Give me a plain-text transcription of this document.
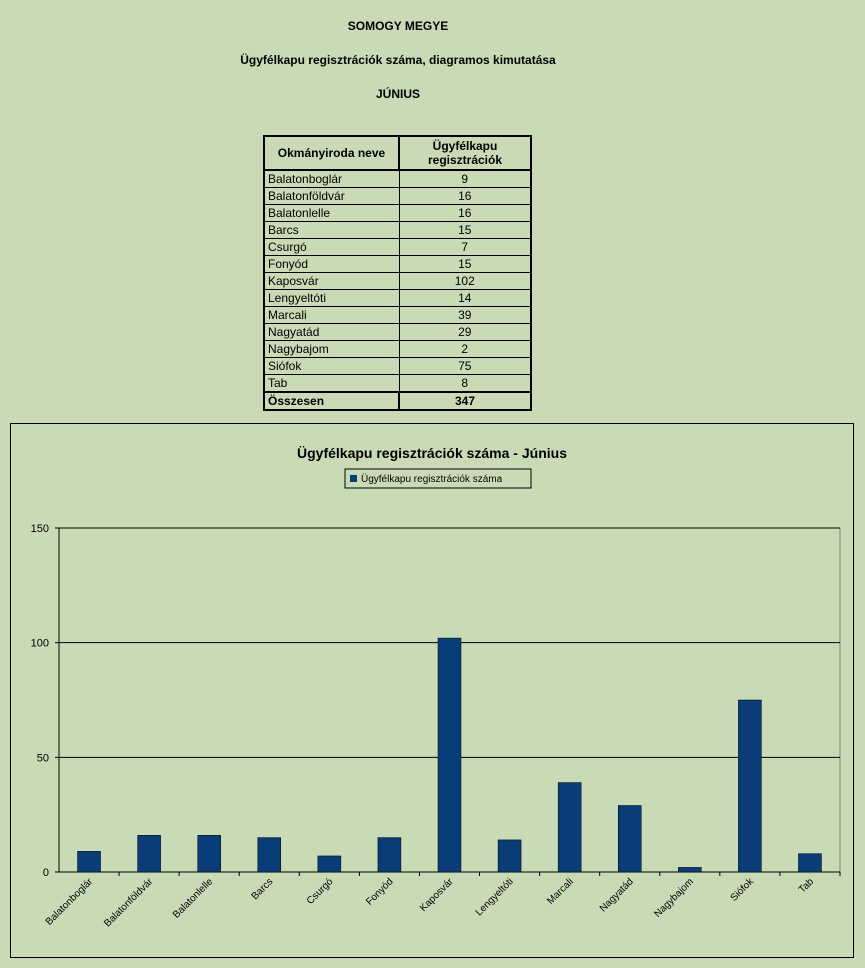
SOMOGY MEGYE
Ügyfélkapu regisztrációk száma, diagramos kimutatása
JÚNIUS
Okmányiroda neve	Ügyfélkapu regisztrációk
Balatonboglár	9
Balatonföldvár	16
Balatonlelle	16
Barcs	15
Csurgó	7
Fonyód	15
Kaposvár	102
Lengyeltóti	14
Marcali	39
Nagyatád	29
Nagybajom	2
Siófok	75
Tab	8
Összesen	347
Ügyfélkapu regisztrációk száma - Június
Ügyfélkapu regisztrációk száma
0
50
100
150
Balatonboglár Balatonföldvár Balatonlelle	Barcs	Csurgó	Fonyód Kaposvár Lengyeltóti	Marcali Nagyatád Nagybajom	Siófok	Tab
